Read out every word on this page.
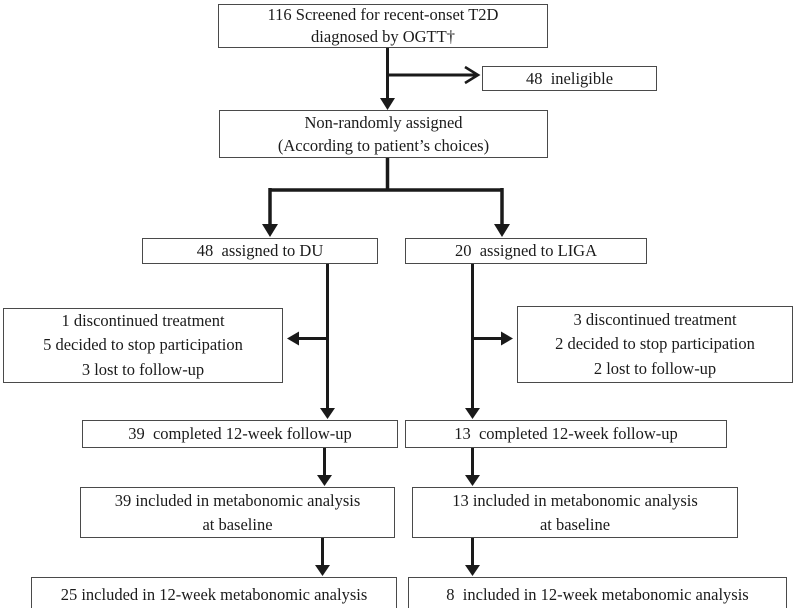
116 Screened for recent-onset T2D
diagnosed by OGTT†
48  ineligible
Non-randomly assigned
(According to patient’s choices)
48  assigned to DU	20  assigned to LIGA
1 discontinued treatment
5 decided to stop participation
3 lost to follow-up
3 discontinued treatment
2 decided to stop participation
2 lost to follow-up
39  completed 12-week follow-up	13  completed 12-week follow-up
39 included in metabonomic analysis
at baseline
13 included in metabonomic analysis
at baseline
25 included in 12-week metabonomic analysis	8  included in 12-week metabonomic analysis
